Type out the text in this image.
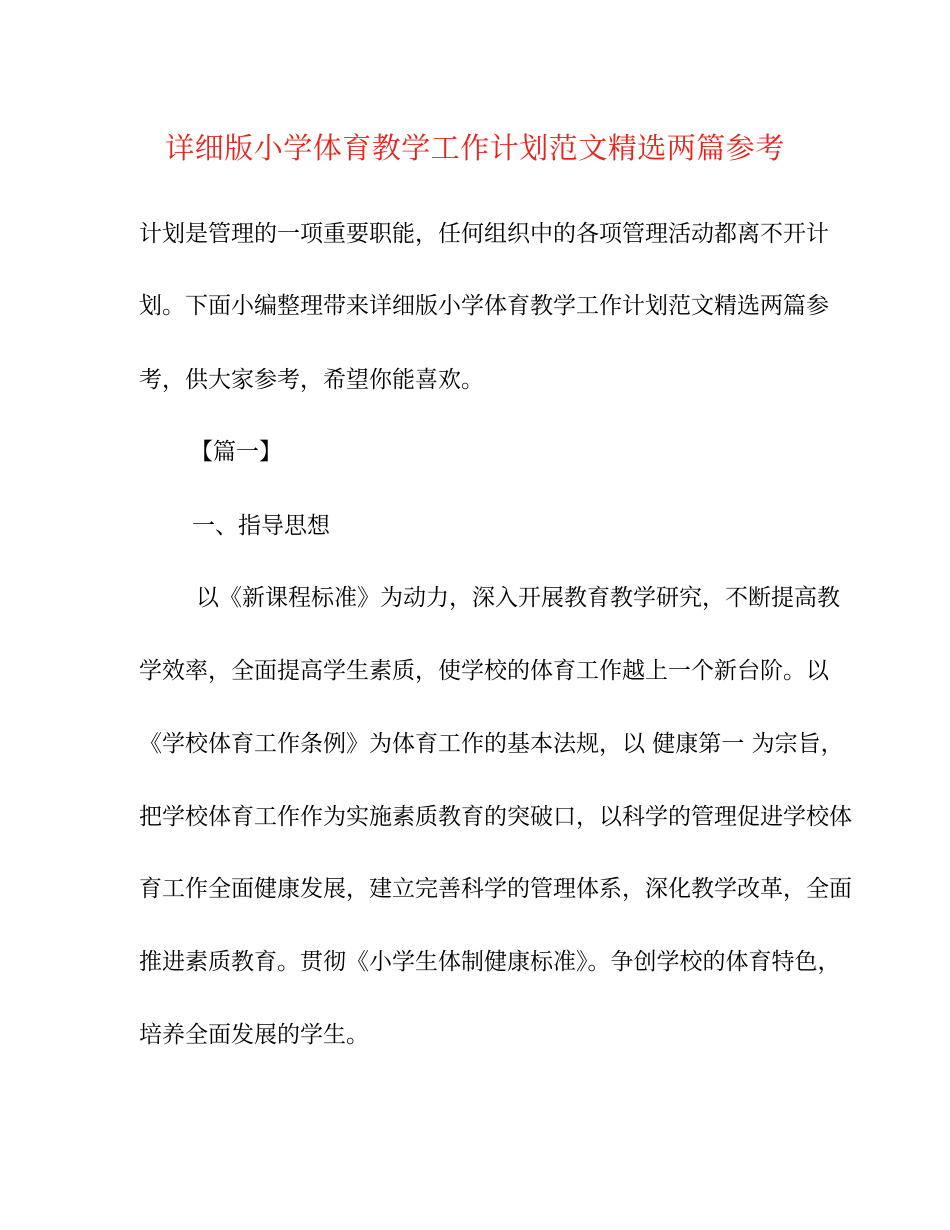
详细版小学体育教学工作计划范文精选两篇参考
计划是管理的一项重要职能，任何组织中的各项管理活动都离不开计
划。下面小编整理带来详细版小学体育教学工作计划范文精选两篇参
考，供大家参考，希望你能喜欢。
【篇一】
一、指导思想
以《新课程标准》为动力，深入开展教育教学研究，不断提高教
学效率，全面提高学生素质，使学校的体育工作越上一个新台阶。以
《学校体育工作条例》为体育工作的基本法规，以 健康第一 为宗旨，
把学校体育工作作为实施素质教育的突破口，以科学的管理促进学校体
育工作全面健康发展，建立完善科学的管理体系，深化教学改革，全面
推进素质教育。贯彻《小学生体制健康标准》。争创学校的体育特色，
培养全面发展的学生。
